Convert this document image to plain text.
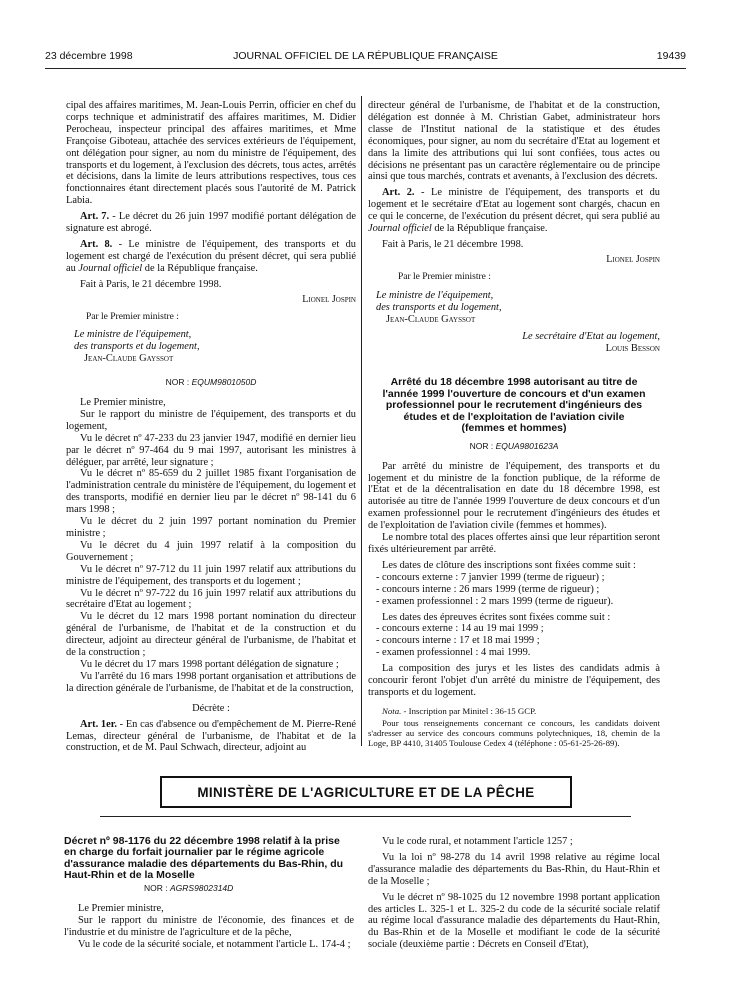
23 décembre 1998	JOURNAL OFFICIEL DE LA RÉPUBLIQUE FRANÇAISE	19439

cipal des affaires maritimes, M. Jean-Louis Perrin, officier en chef du corps technique et administratif des affaires maritimes, M. Didier Perocheau, inspecteur principal des affaires maritimes, et Mme Françoise Giboteau, attachée des services extérieurs de l'équipement, ont délégation pour signer, au nom du ministre de l'équipement, des transports et du logement, à l'exclusion des décrets, tous actes, arrêtés et décisions, dans la limite de leurs attributions respectives, tous ces fonctionnaires étant directement placés sous l'autorité de M. Patrick Labia.

Art. 7. - Le décret du 26 juin 1997 modifié portant délégation de signature est abrogé.

Art. 8. - Le ministre de l'équipement, des transports et du logement est chargé de l'exécution du présent décret, qui sera publié au Journal officiel de la République française.

Fait à Paris, le 21 décembre 1998.

Lionel Jospin

Par le Premier ministre :

Le ministre de l'équipement,

des transports et du logement,

Jean-Claude Gayssot

NOR : EQUM9801050D

Le Premier ministre,

Sur le rapport du ministre de l'équipement, des transports et du logement,

Vu le décret nº 47-233 du 23 janvier 1947, modifié en dernier lieu par le décret nº 97-464 du 9 mai 1997, autorisant les ministres à déléguer, par arrêté, leur signature ;

Vu le décret nº 85-659 du 2 juillet 1985 fixant l'organisation de l'administration centrale du ministère de l'équipement, du logement et des transports, modifié en dernier lieu par le décret nº 98-141 du 6 mars 1998 ;

Vu le décret du 2 juin 1997 portant nomination du Premier ministre ;

Vu le décret du 4 juin 1997 relatif à la composition du Gouvernement ;

Vu le décret nº 97-712 du 11 juin 1997 relatif aux attributions du ministre de l'équipement, des transports et du logement ;

Vu le décret nº 97-722 du 16 juin 1997 relatif aux attributions du secrétaire d'Etat au logement ;

Vu le décret du 12 mars 1998 portant nomination du directeur général de l'urbanisme, de l'habitat et de la construction et du directeur, adjoint au directeur général de l'urbanisme, de l'habitat et de la construction ;

Vu le décret du 17 mars 1998 portant délégation de signature ;

Vu l'arrêté du 16 mars 1998 portant organisation et attributions de la direction générale de l'urbanisme, de l'habitat et de la construction,

Décrète :

Art. 1er. - En cas d'absence ou d'empêchement de M. Pierre-René Lemas, directeur général de l'urbanisme, de l'habitat et de la construction, et de M. Paul Schwach, directeur, adjoint au

directeur général de l'urbanisme, de l'habitat et de la construction, délégation est donnée à M. Christian Gabet, administrateur hors classe de l'Institut national de la statistique et des études économiques, pour signer, au nom du secrétaire d'Etat au logement et dans la limite des attributions qui lui sont confiées, tous actes ou décisions ne présentant pas un caractère réglementaire ou de principe ainsi que tous marchés, contrats et avenants, à l'exclusion des décrets.

Art. 2. - Le ministre de l'équipement, des transports et du logement et le secrétaire d'Etat au logement sont chargés, chacun en ce qui le concerne, de l'exécution du présent décret, qui sera publié au Journal officiel de la République française.

Fait à Paris, le 21 décembre 1998.

Lionel Jospin

Par le Premier ministre :

Le ministre de l'équipement,

des transports et du logement,

Jean-Claude Gayssot

Le secrétaire d'Etat au logement,

Louis Besson

Arrêté du 18 décembre 1998 autorisant au titre de l'année 1999 l'ouverture de concours et d'un examen professionnel pour le recrutement d'ingénieurs des études et de l'exploitation de l'aviation civile (femmes et hommes)

NOR : EQUA9801623A

Par arrêté du ministre de l'équipement, des transports et du logement et du ministre de la fonction publique, de la réforme de l'Etat et de la décentralisation en date du 18 décembre 1998, est autorisée au titre de l'année 1999 l'ouverture de deux concours et d'un examen professionnel pour le recrutement d'ingénieurs des études et de l'exploitation de l'aviation civile (femmes et hommes).

Le nombre total des places offertes ainsi que leur répartition seront fixés ultérieurement par arrêté.

Les dates de clôture des inscriptions sont fixées comme suit :

- concours externe : 7 janvier 1999 (terme de rigueur) ;

- concours interne : 26 mars 1999 (terme de rigueur) ;

- examen professionnel : 2 mars 1999 (terme de rigueur).

Les dates des épreuves écrites sont fixées comme suit :

- concours externe : 14 au 19 mai 1999 ;

- concours interne : 17 et 18 mai 1999 ;

- examen professionnel : 4 mai 1999.

La composition des jurys et les listes des candidats admis à concourir feront l'objet d'un arrêté du ministre de l'équipement, des transports et du logement.

Nota. - Inscription par Minitel : 36-15 GCP.

Pour tous renseignements concernant ce concours, les candidats doivent s'adresser au service des concours communs polytechniques, 18, chemin de la Loge, BP 4410, 31405 Toulouse Cedex 4 (téléphone : 05-61-25-26-89).

MINISTÈRE DE L'AGRICULTURE ET DE LA PÊCHE

Décret nº 98-1176 du 22 décembre 1998 relatif à la prise en charge du forfait journalier par le régime agricole d'assurance maladie des départements du Bas-Rhin, du Haut-Rhin et de la Moselle

NOR : AGRS9802314D

Le Premier ministre,

Sur le rapport du ministre de l'économie, des finances et de l'industrie et du ministre de l'agriculture et de la pêche,

Vu le code de la sécurité sociale, et notamment l'article L. 174-4 ;

Vu le code rural, et notamment l'article 1257 ;

Vu la loi nº 98-278 du 14 avril 1998 relative au régime local d'assurance maladie des départements du Bas-Rhin, du Haut-Rhin et de la Moselle ;

Vu le décret nº 98-1025 du 12 novembre 1998 portant application des articles L. 325-1 et L. 325-2 du code de la sécurité sociale relatif au régime local d'assurance maladie des départements du Haut-Rhin, du Bas-Rhin et de la Moselle et modifiant le code de la sécurité sociale (deuxième partie : Décrets en Conseil d'Etat),
